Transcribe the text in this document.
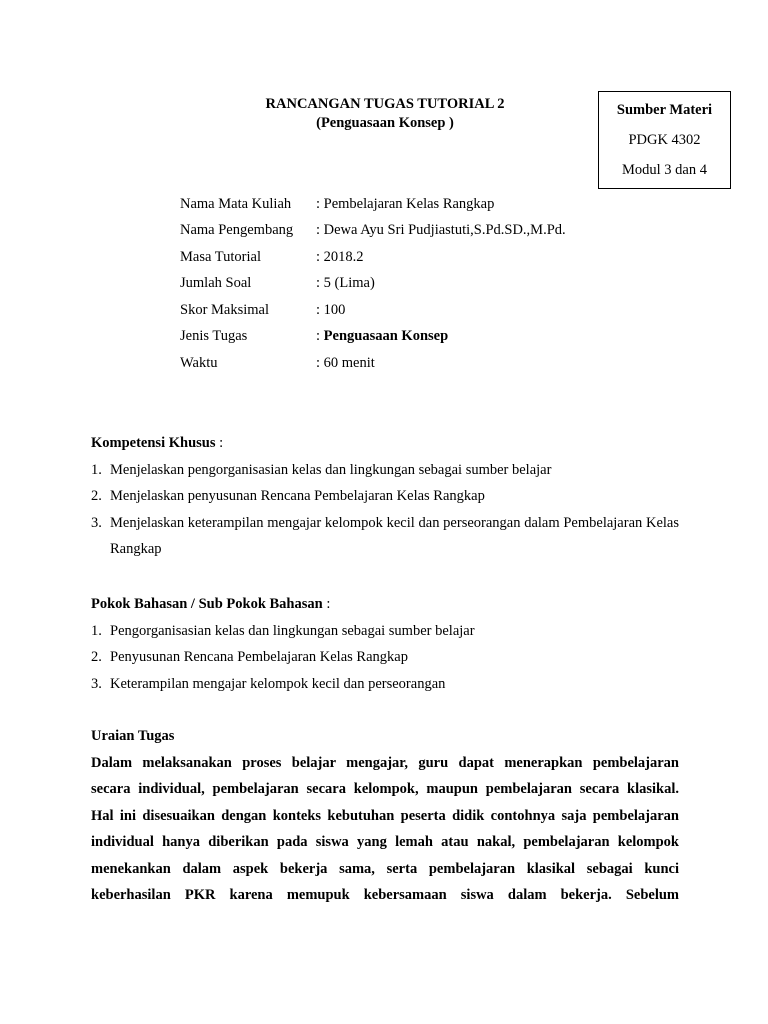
RANCANGAN TUGAS TUTORIAL 2
(Penguasaan Konsep )
Sumber Materi
PDGK 4302
Modul 3 dan 4
Nama Mata Kuliah	: Pembelajaran Kelas Rangkap
Nama Pengembang	: Dewa Ayu Sri Pudjiastuti,S.Pd.SD.,M.Pd.
Masa Tutorial	: 2018.2
Jumlah Soal	: 5 (Lima)
Skor Maksimal	: 100
Jenis Tugas	: Penguasaan Konsep
Waktu	: 60 menit
Kompetensi Khusus :
1. Menjelaskan pengorganisasian kelas dan lingkungan sebagai sumber belajar
2. Menjelaskan penyusunan Rencana Pembelajaran Kelas Rangkap
3. Menjelaskan keterampilan mengajar kelompok kecil dan perseorangan dalam Pembelajaran Kelas Rangkap
Pokok Bahasan / Sub Pokok Bahasan :
1. Pengorganisasian kelas dan lingkungan sebagai sumber belajar
2. Penyusunan Rencana Pembelajaran Kelas Rangkap
3. Keterampilan mengajar kelompok kecil dan perseorangan
Uraian Tugas
Dalam melaksanakan proses belajar mengajar, guru dapat menerapkan pembelajaran
secara individual, pembelajaran secara kelompok, maupun pembelajaran secara klasikal.
Hal ini disesuaikan dengan konteks kebutuhan peserta didik contohnya saja pembelajaran
individual hanya diberikan pada siswa yang lemah atau nakal, pembelajaran kelompok
menekankan dalam aspek bekerja sama, serta pembelajaran klasikal sebagai kunci
keberhasilan PKR karena memupuk kebersamaan siswa dalam bekerja. Sebelum
